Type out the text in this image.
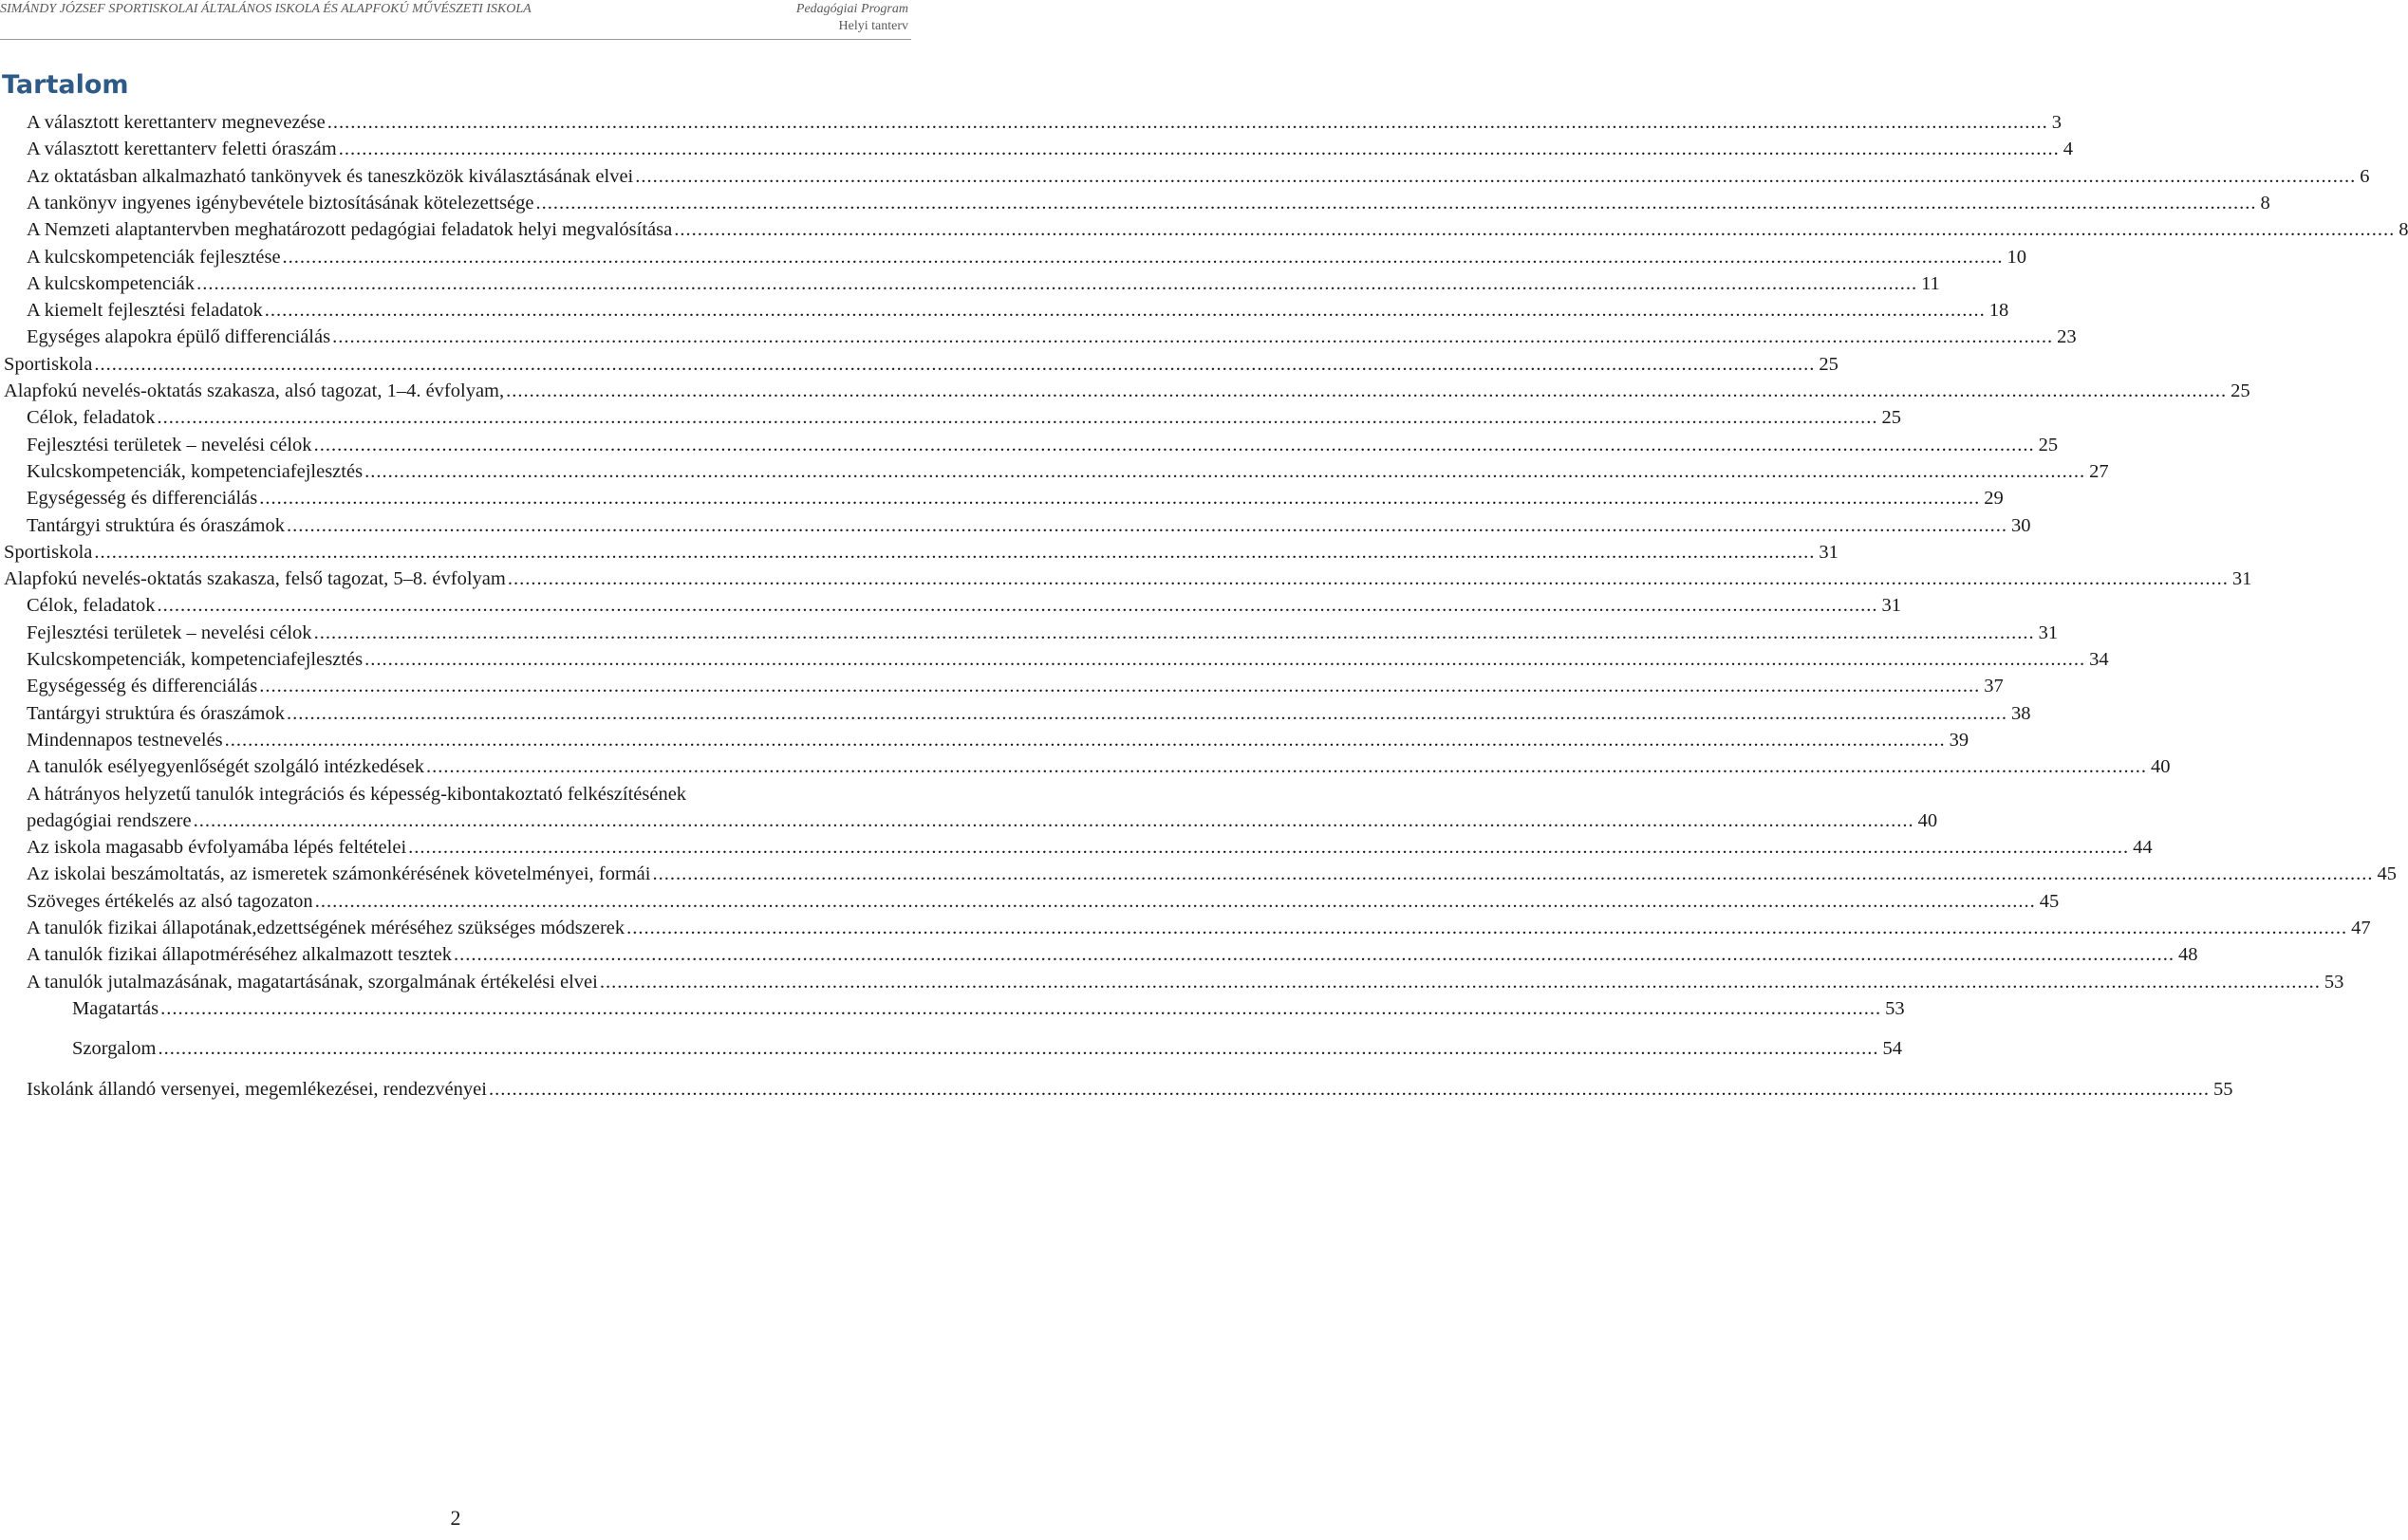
SIMÁNDY JÓZSEF SPORTISKOLAI ÁLTALÁNOS ISKOLA ÉS ALAPFOKÚ MŰVÉSZETI ISKOLA	Pedagógiai Program
Helyi tanterv
Tartalom
A választott kerettanterv megnevezése .....	3
A választott kerettanterv feletti óraszám .....	4
Az oktatásban alkalmazható tankönyvek és taneszközök kiválasztásának elvei .....	6
A tankönyv ingyenes igénybevétele biztosításának kötelezettsége .....	8
A Nemzeti alaptantervben meghatározott pedagógiai feladatok helyi megvalósítása .....	8
A kulcskompetenciák fejlesztése .....	10
A kulcskompetenciák .....	11
A kiemelt fejlesztési feladatok .....	18
Egységes alapokra épülő differenciálás .....	23
Sportiskola .....	25
Alapfokú nevelés-oktatás szakasza, alsó tagozat, 1–4. évfolyam, .....	25
Célok, feladatok .....	25
Fejlesztési területek – nevelési célok .....	25
Kulcskompetenciák, kompetenciafejlesztés .....	27
Egységesség és differenciálás .....	29
Tantárgyi struktúra és óraszámok .....	30
Sportiskola .....	31
Alapfokú nevelés-oktatás szakasza, felső tagozat, 5–8. évfolyam .....	31
Célok, feladatok .....	31
Fejlesztési területek – nevelési célok .....	31
Kulcskompetenciák, kompetenciafejlesztés .....	34
Egységesség és differenciálás .....	37
Tantárgyi struktúra és óraszámok .....	38
Mindennapos testnevelés .....	39
A tanulók esélyegyenlőségét szolgáló intézkedések .....	40
A hátrányos helyzetű tanulók integrációs és képesség-kibontakoztató felkészítésének
pedagógiai rendszere .....	40
Az iskola magasabb évfolyamába lépés feltételei .....	44
Az iskolai beszámoltatás, az ismeretek számonkérésének követelményei, formái .....	45
Szöveges értékelés az alsó tagozaton .....	45
A tanulók fizikai állapotának,edzettségének méréséhez szükséges módszerek .....	47
A tanulók fizikai állapotméréséhez alkalmazott tesztek .....	48
A tanulók jutalmazásának, magatartásának, szorgalmának értékelési elvei .....	53
Magatartás .....	53
Szorgalom .....	54
Iskolánk állandó versenyei, megemlékezései, rendezvényei .....	55
2
